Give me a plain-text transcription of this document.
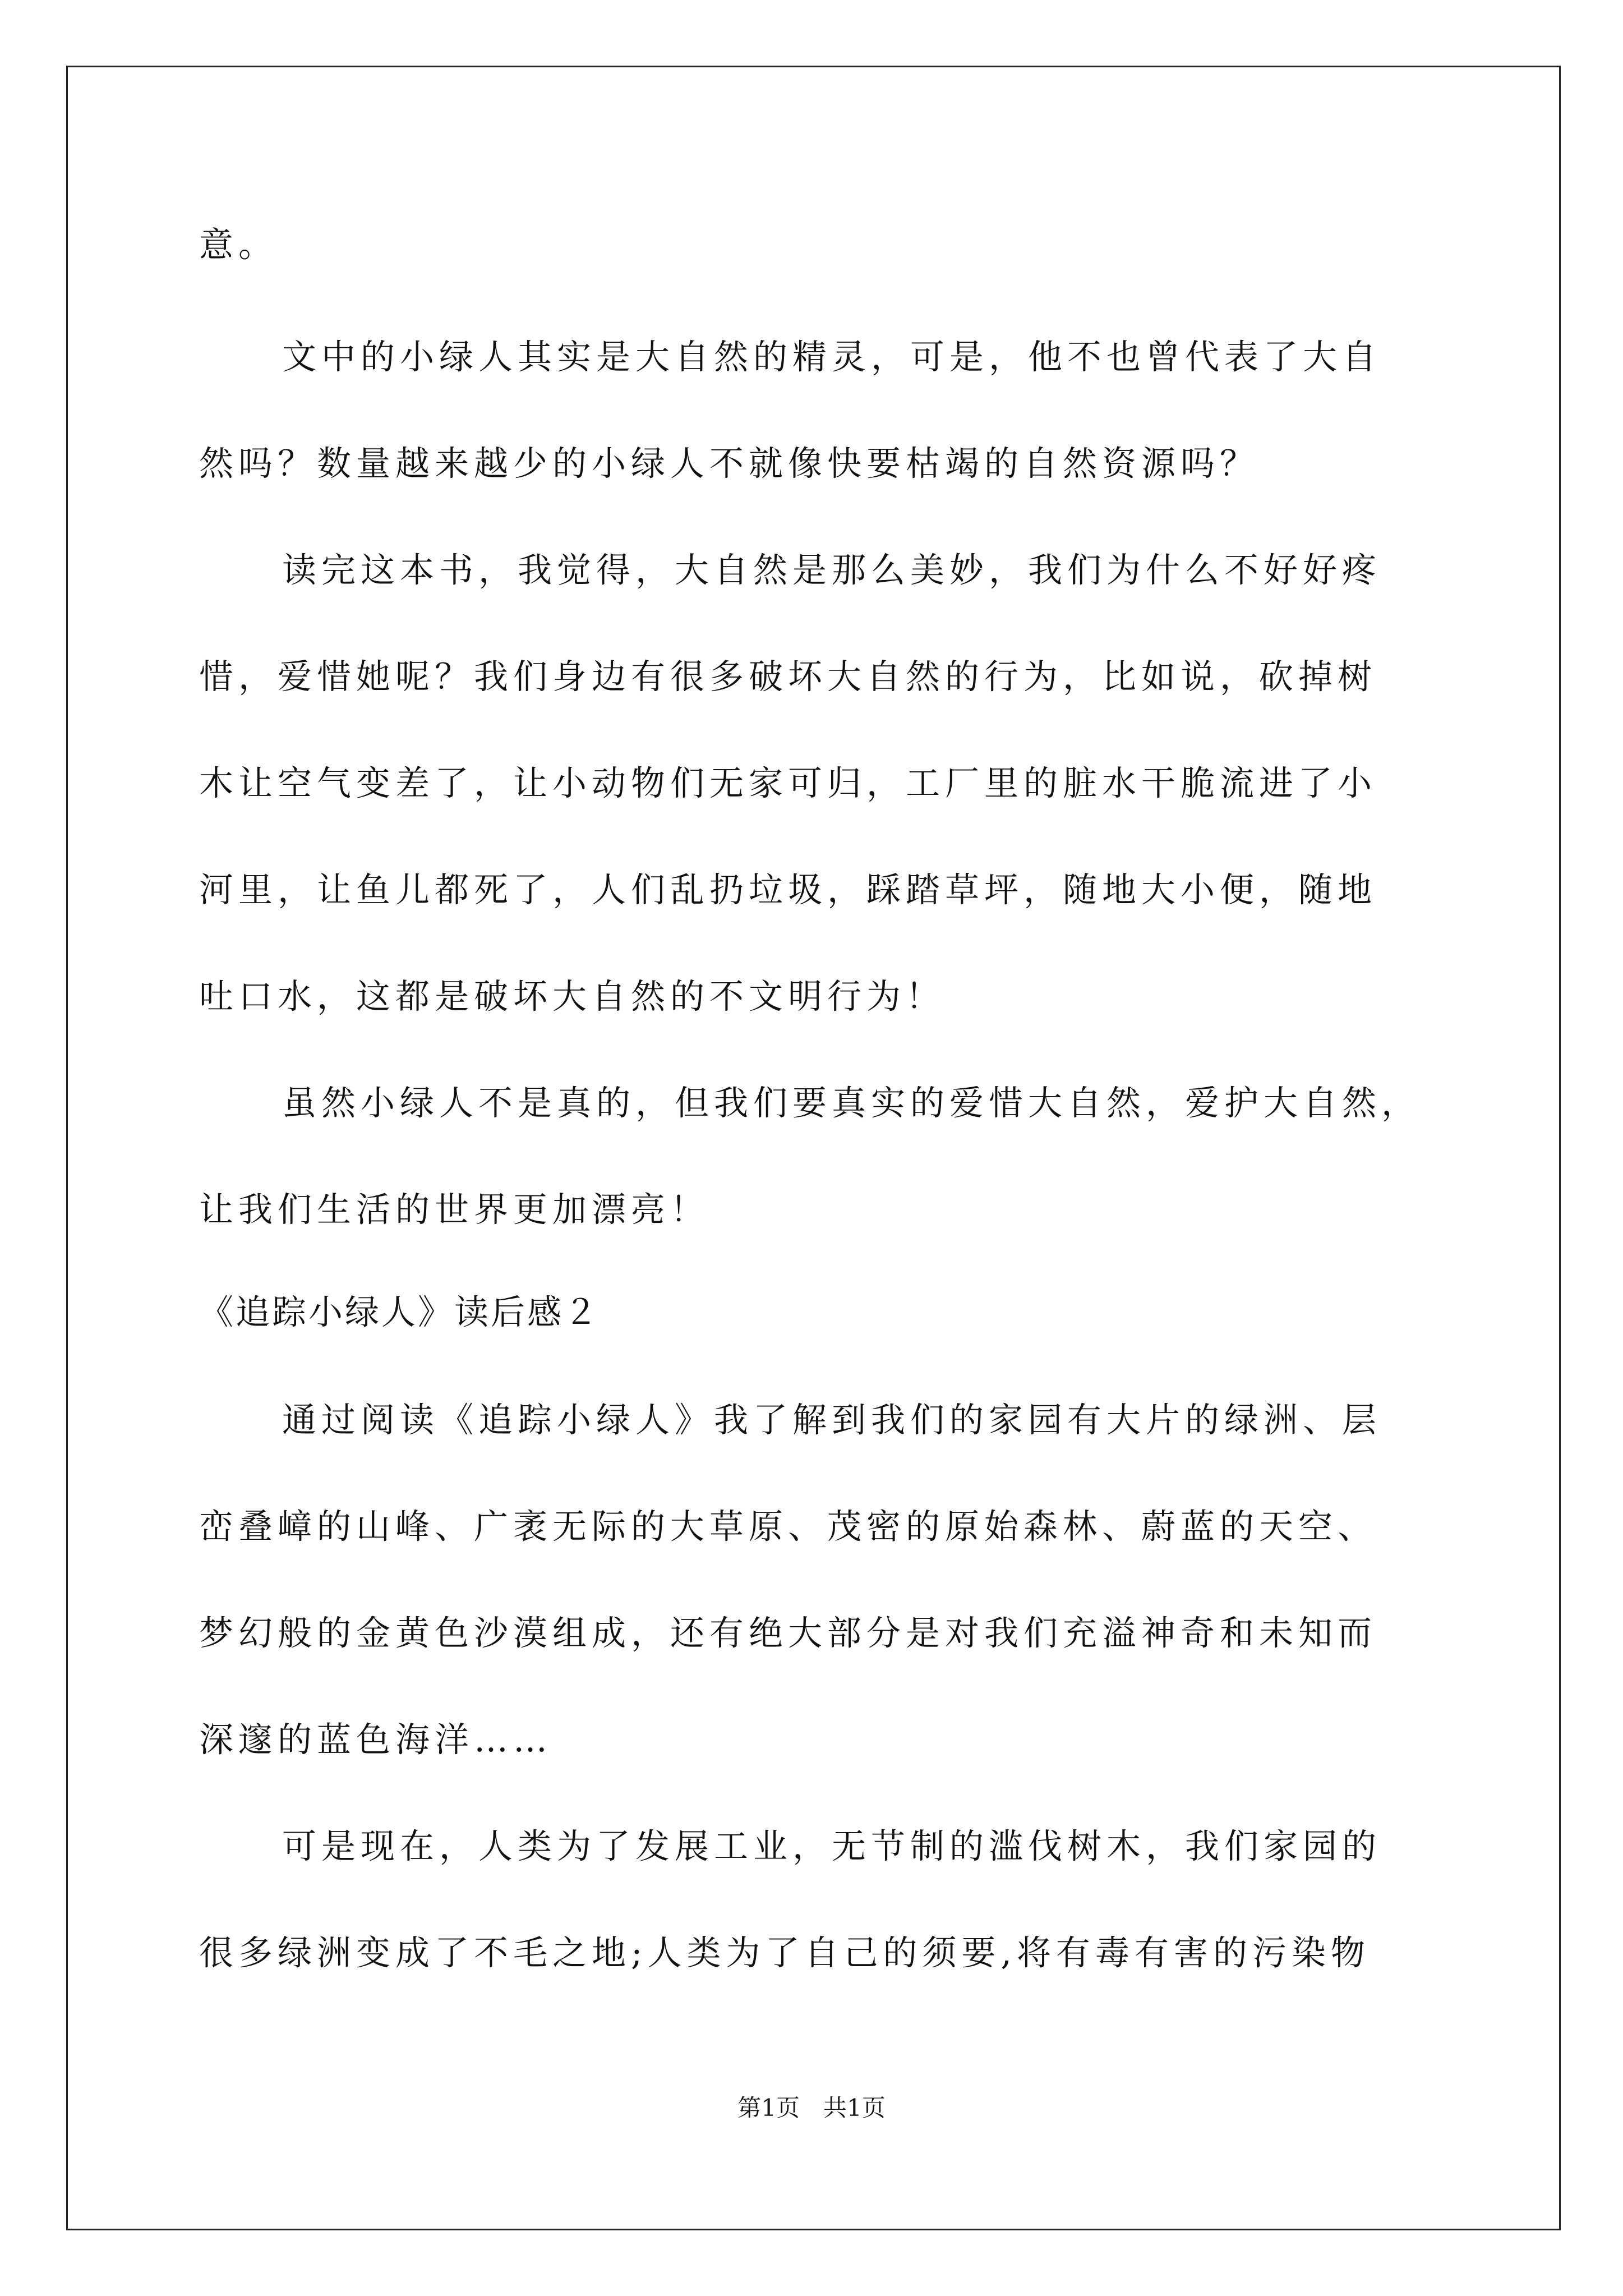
意。

文中的小绿人其实是大自然的精灵，可是，他不也曾代表了大自

然吗？数量越来越少的小绿人不就像快要枯竭的自然资源吗？

读完这本书，我觉得，大自然是那么美妙，我们为什么不好好疼

惜，爱惜她呢？我们身边有很多破坏大自然的行为，比如说，砍掉树

木让空气变差了，让小动物们无家可归，工厂里的脏水干脆流进了小

河里，让鱼儿都死了，人们乱扔垃圾，踩踏草坪，随地大小便，随地

吐口水，这都是破坏大自然的不文明行为！

虽然小绿人不是真的，但我们要真实的爱惜大自然，爱护大自然，

让我们生活的世界更加漂亮！

《追踪小绿人》读后感２

通过阅读《追踪小绿人》我了解到我们的家园有大片的绿洲、层

峦叠嶂的山峰、广袤无际的大草原、茂密的原始森林、蔚蓝的天空、

梦幻般的金黄色沙漠组成，还有绝大部分是对我们充溢神奇和未知而

深邃的蓝色海洋……

可是现在，人类为了发展工业，无节制的滥伐树木，我们家园的

很多绿洲变成了不毛之地;人类为了自己的须要,将有毒有害的污染物

第1页　共1页
